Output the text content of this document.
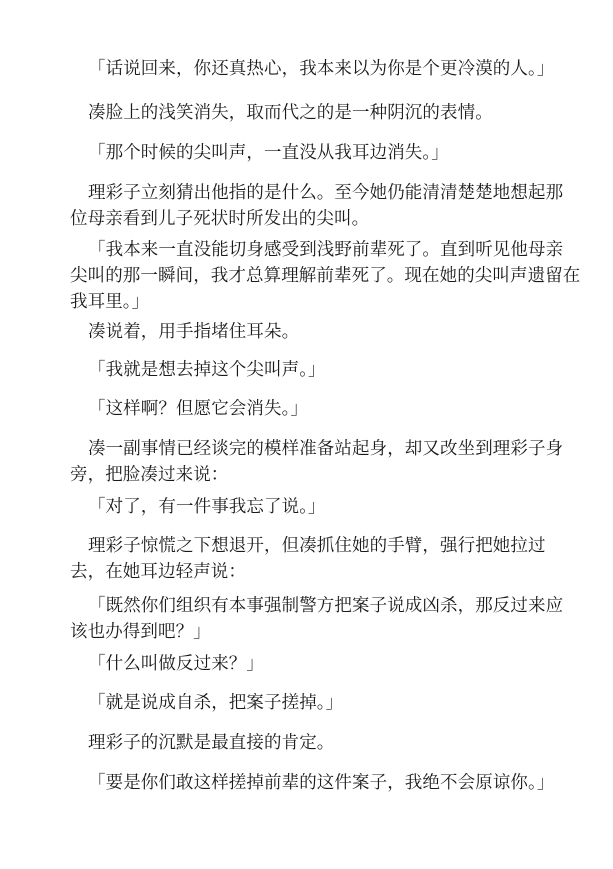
「话说回来，你还真热心，我本来以为你是个更冷漠的人。」
凑脸上的浅笑消失，取而代之的是一种阴沉的表情。
「那个时候的尖叫声，一直没从我耳边消失。」
理彩子立刻猜出他指的是什么。至今她仍能清清楚楚地想起那
位母亲看到儿子死状时所发出的尖叫。
「我本来一直没能切身感受到浅野前辈死了。直到听见他母亲
尖叫的那一瞬间，我才总算理解前辈死了。现在她的尖叫声遗留在
我耳里。」
凑说着，用手指堵住耳朵。
「我就是想去掉这个尖叫声。」
「这样啊？但愿它会消失。」
凑一副事情已经谈完的模样准备站起身，却又改坐到理彩子身
旁，把脸凑过来说：
「对了，有一件事我忘了说。」
理彩子惊慌之下想退开，但凑抓住她的手臂，强行把她拉过
去，在她耳边轻声说：
「既然你们组织有本事强制警方把案子说成凶杀，那反过来应
该也办得到吧？」
「什么叫做反过来？」
「就是说成自杀，把案子搓掉。」
理彩子的沉默是最直接的肯定。
「要是你们敢这样搓掉前辈的这件案子，我绝不会原谅你。」
